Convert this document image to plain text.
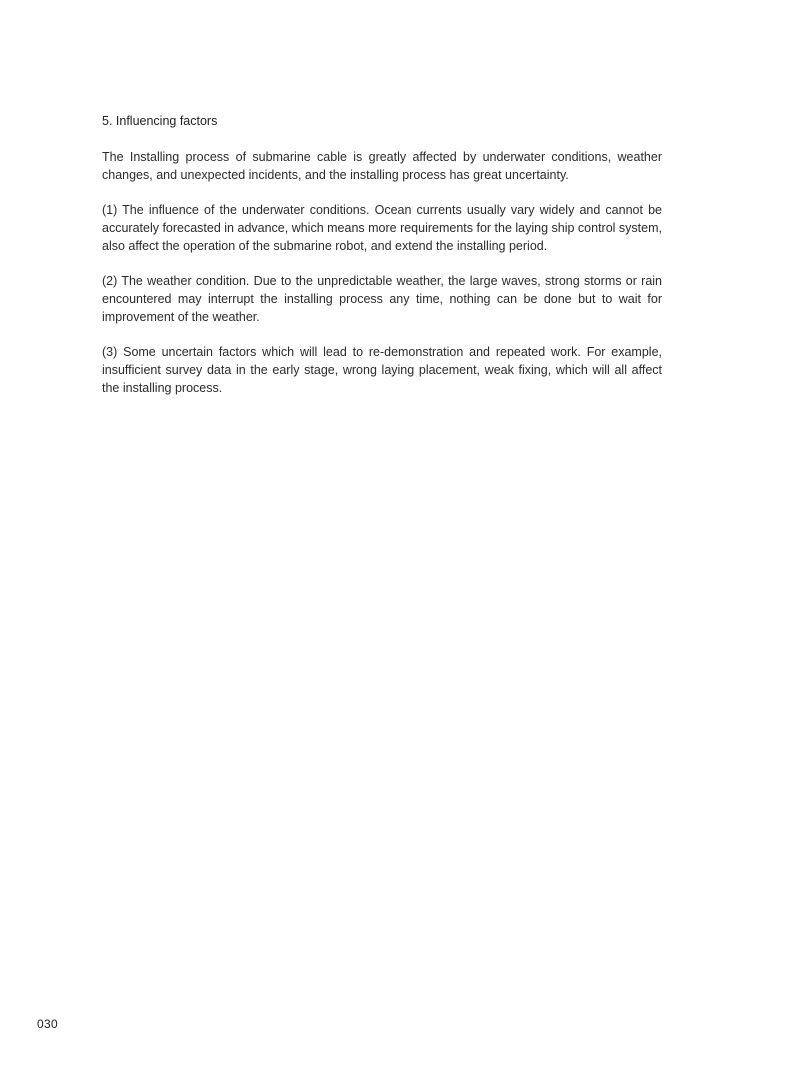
5. Influencing factors

The Installing process of submarine cable is greatly affected by underwater conditions, weather changes, and unexpected incidents, and the installing process has great uncertainty.

(1) The influence of the underwater conditions. Ocean currents usually vary widely and cannot be accurately forecasted in advance, which means more requirements for the laying ship control system, also affect the operation of the submarine robot, and extend the installing period.

(2) The weather condition. Due to the unpredictable weather, the large waves, strong storms or rain encountered may interrupt the installing process any time, nothing can be done but to wait for improvement of the weather.

(3) Some uncertain factors which will lead to re-demonstration and repeated work. For example, insufficient survey data in the early stage, wrong laying placement, weak fixing, which will all affect the installing process.

030
